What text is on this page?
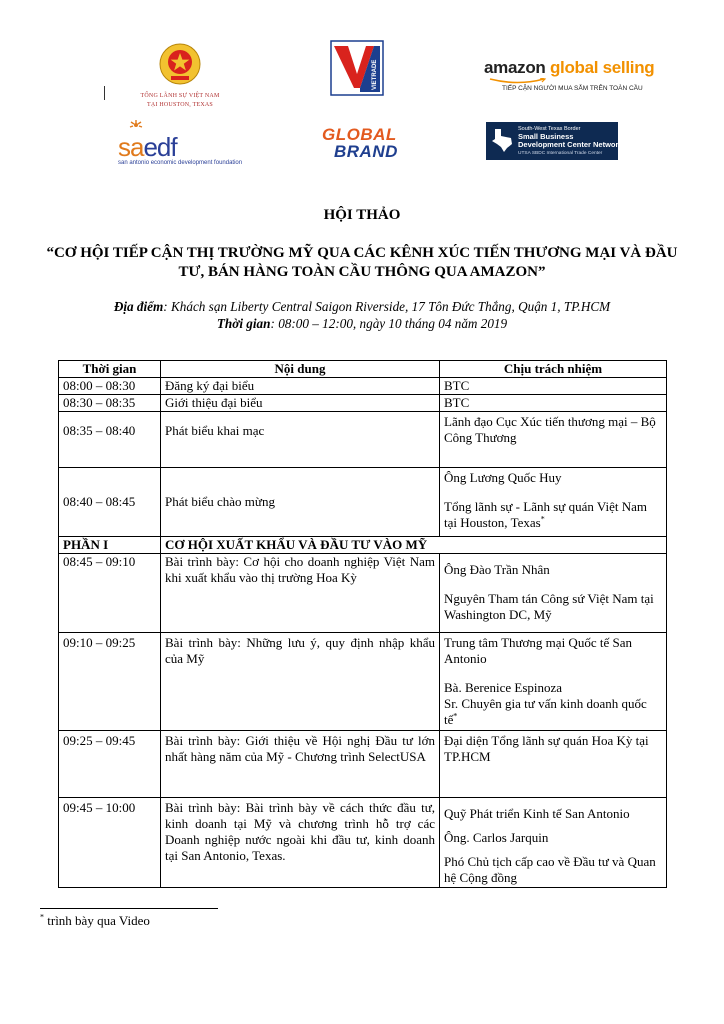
TỔNG LÃNH SỰ VIỆT NAM
TẠI HOUSTON, TEXAS
VIETRADE	amazon global selling
TIẾP CẬN NGƯỜI MUA SẮM TRÊN TOÀN CẦU
saedf
san antonio economic development foundation
GLOBAL
BRAND
South-West Texas Border
Small Business
Development Center Network
UTSA SBDC International Trade Center
HỘI THẢO
“CƠ HỘI TIẾP CẬN THỊ TRƯỜNG MỸ QUA CÁC KÊNH XÚC TIẾN THƯƠNG MẠI VÀ ĐẦU TƯ, BÁN HÀNG TOÀN CẦU THÔNG QUA AMAZON”
Địa điểm: Khách sạn Liberty Central Saigon Riverside, 17 Tôn Đức Thắng, Quận 1, TP.HCM
Thời gian: 08:00 – 12:00, ngày 10 tháng 04 năm 2019
Thời gian	Nội dung	Chịu trách nhiệm
08:00 – 08:30	Đăng ký đại biểu	BTC
08:30 – 08:35	Giới thiệu đại biểu	BTC
08:35 – 08:40	Phát biểu khai mạc	Lãnh đạo Cục Xúc tiến thương mại – Bộ Công Thương
08:40 – 08:45	Phát biểu chào mừng	Ông Lương Quốc Huy
Tổng lãnh sự - Lãnh sự quán Việt Nam tại Houston, Texas*

PHẦN I	CƠ HỘI XUẤT KHẨU VÀ ĐẦU TƯ VÀO MỸ	
08:45 – 09:10	Bài trình bày: Cơ hội cho doanh nghiệp Việt Nam khi xuất khẩu vào thị trường Hoa Kỳ	Ông Đào Trần Nhân
Nguyên Tham tán Công sứ Việt Nam tại Washington DC, Mỹ

09:10 – 09:25	Bài trình bày: Những lưu ý, quy định nhập khẩu của Mỹ	Trung tâm Thương mại Quốc tế San Antonio
Bà. Berenice Espinoza
Sr. Chuyên gia tư vấn kinh doanh quốc tế*

09:25 – 09:45	Bài trình bày: Giới thiệu về Hội nghị Đầu tư lớn nhất hàng năm của Mỹ - Chương trình SelectUSA	Đại diện Tổng lãnh sự quán Hoa Kỳ tại TP.HCM
09:45 – 10:00	Bài trình bày: Bài trình bày về cách thức đầu tư, kinh doanh tại Mỹ và chương trình hỗ trợ các Doanh nghiệp nước ngoài khi đầu tư, kinh doanh tại San Antonio, Texas.	Quỹ Phát triển Kinh tế San Antonio
Ông. Carlos Jarquin
Phó Chủ tịch cấp cao về Đầu tư và Quan hệ Cộng đồng
* trình bày qua Video
